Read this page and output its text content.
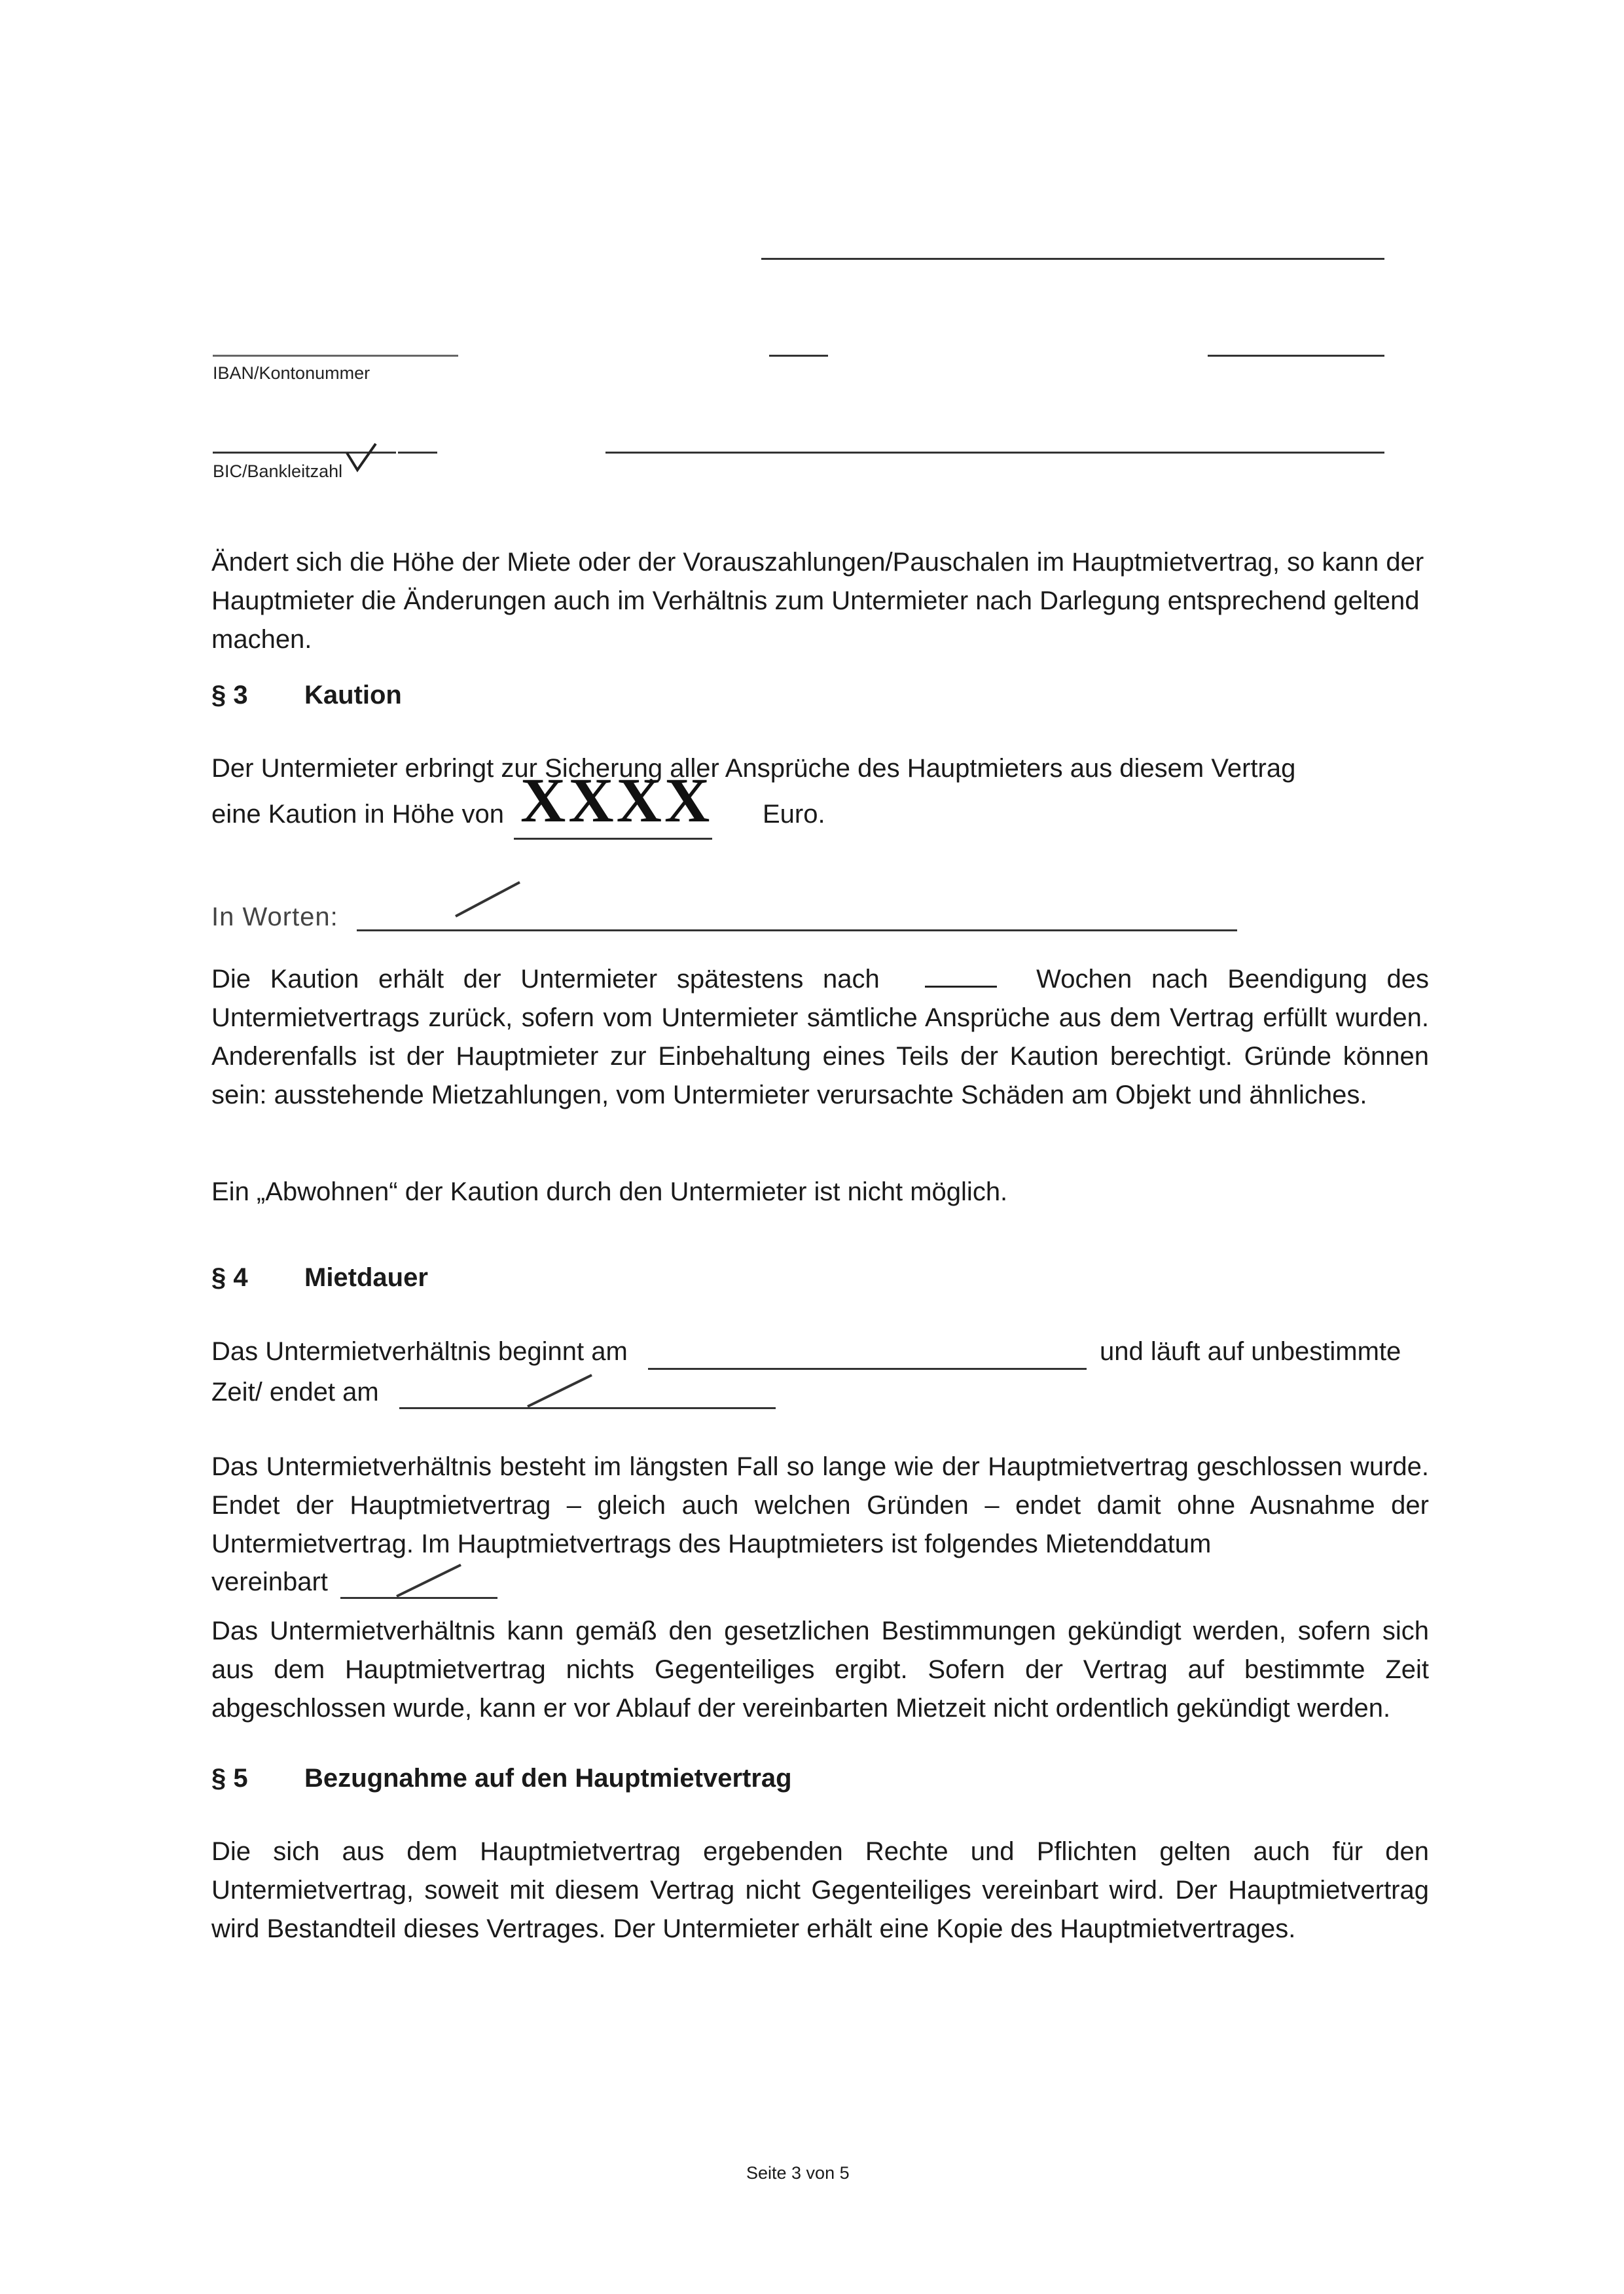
IBAN/Kontonummer
BIC/Bankleitzahl
Ändert sich die Höhe der Miete oder der Vorauszahlungen/Pauschalen im Hauptmietvertrag, so kann der Hauptmieter die Änderungen auch im Verhältnis zum Untermieter nach Darlegung entsprechend geltend machen.
§ 3 Kaution
Der Untermieter erbringt zur Sicherung aller Ansprüche des Hauptmieters aus diesem Vertrag
eine Kaution in Höhe von XXXX Euro.
In Worten:
Die Kaution erhält der Untermieter spätestens nach	Wochen nach Beendigung des Untermietvertrags zurück, sofern vom Untermieter sämtliche Ansprüche aus dem Vertrag erfüllt wurden. Anderenfalls ist der Hauptmieter zur Einbehaltung eines Teils der Kaution berechtigt. Gründe können sein: ausstehende Mietzahlungen, vom Untermieter verursachte Schäden am Objekt und ähnliches.
Ein „Abwohnen“ der Kaution durch den Untermieter ist nicht möglich.
§ 4 Mietdauer
Das Untermietverhältnis beginnt am	und läuft auf unbestimmte
Zeit/ endet am
Das Untermietverhältnis besteht im längsten Fall so lange wie der Hauptmietvertrag geschlossen wurde. Endet der Hauptmietvertrag – gleich auch welchen Gründen – endet damit ohne Ausnahme der Untermietvertrag. Im Hauptmietvertrags des Hauptmieters ist folgendes Mietenddatum
vereinbart
Das Untermietverhältnis kann gemäß den gesetzlichen Bestimmungen gekündigt werden, sofern sich aus dem Hauptmietvertrag nichts Gegenteiliges ergibt. Sofern der Vertrag auf bestimmte Zeit abgeschlossen wurde, kann er vor Ablauf der vereinbarten Mietzeit nicht ordentlich gekündigt werden.
§ 5 Bezugnahme auf den Hauptmietvertrag
Die sich aus dem Hauptmietvertrag ergebenden Rechte und Pflichten gelten auch für den Untermietvertrag, soweit mit diesem Vertrag nicht Gegenteiliges vereinbart wird. Der Hauptmietvertrag wird Bestandteil dieses Vertrages. Der Untermieter erhält eine Kopie des Hauptmietvertrages.
Seite 3 von 5
